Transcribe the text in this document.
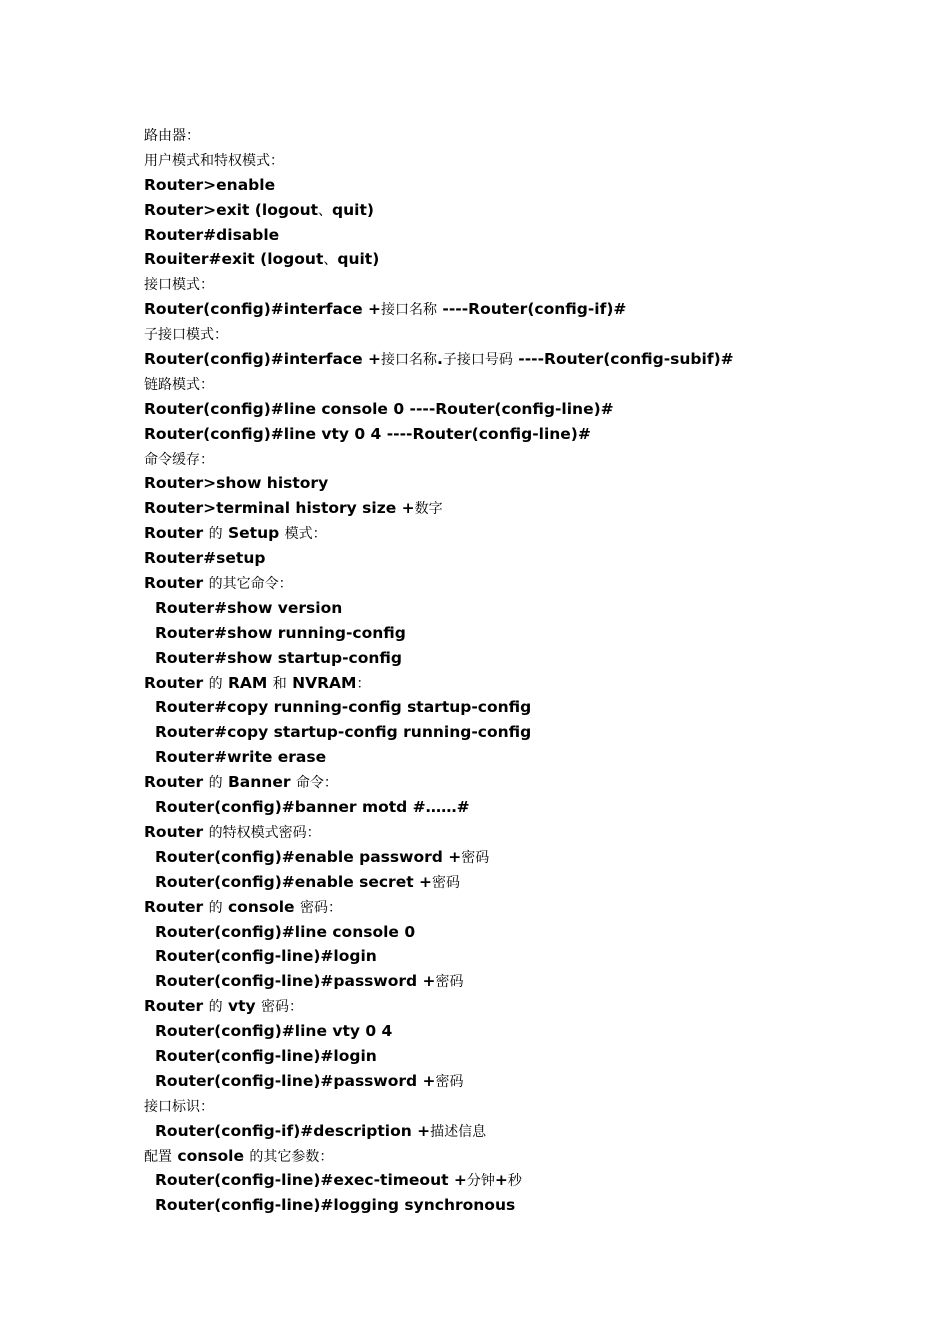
路由器：
用户模式和特权模式：
Router>enable
Router>exit (logout、quit)
Router#disable
Rouiter#exit (logout、quit)
接口模式：
Router(config)#interface +接口名称 ----Router(config-if)#
子接口模式：
Router(config)#interface +接口名称.子接口号码 ----Router(config-subif)#
链路模式：
Router(config)#line console 0 ----Router(config-line)#
Router(config)#line vty 0 4 ----Router(config-line)#
命令缓存：
Router>show history
Router>terminal history size +数字
Router 的 Setup 模式：
Router#setup
Router 的其它命令：
Router#show version
Router#show running-config
Router#show startup-config
Router 的 RAM 和 NVRAM：
Router#copy running-config startup-config
Router#copy startup-config running-config
Router#write erase
Router 的 Banner 命令：
Router(config)#banner motd #……#
Router 的特权模式密码：
Router(config)#enable password +密码
Router(config)#enable secret +密码
Router 的 console 密码：
Router(config)#line console 0
Router(config-line)#login
Router(config-line)#password +密码
Router 的 vty 密码：
Router(config)#line vty 0 4
Router(config-line)#login
Router(config-line)#password +密码
接口标识：
Router(config-if)#description +描述信息
配置 console 的其它参数：
Router(config-line)#exec-timeout +分钟+秒
Router(config-line)#logging synchronous
